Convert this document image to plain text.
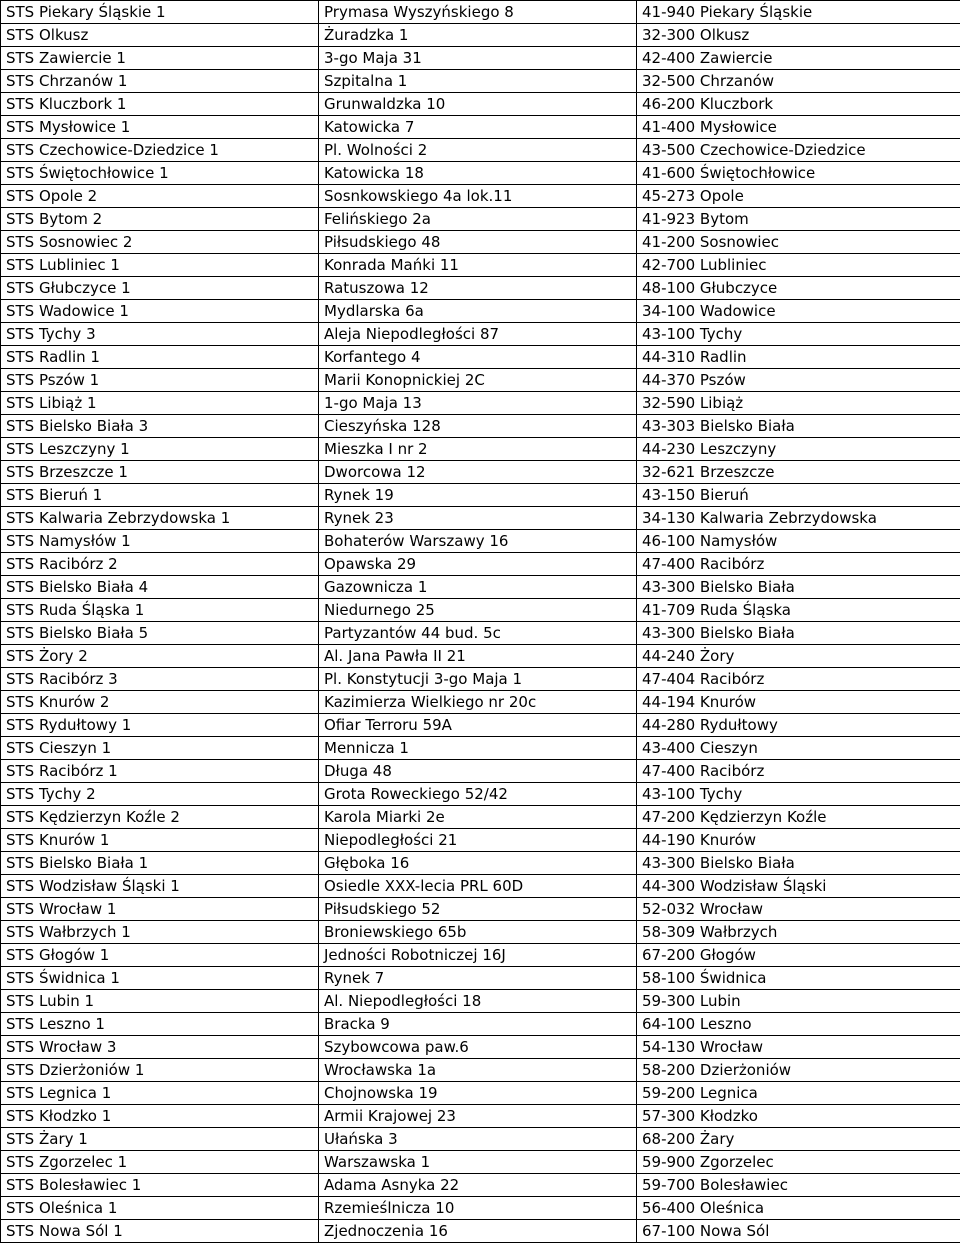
STS Piekary Śląskie 1	Prymasa Wyszyńskiego 8	41-940 Piekary Śląskie
STS Olkusz	Żuradzka 1	32-300 Olkusz
STS Zawiercie 1	3-go Maja 31	42-400 Zawiercie
STS Chrzanów 1	Szpitalna 1	32-500 Chrzanów
STS Kluczbork 1	Grunwaldzka 10	46-200 Kluczbork
STS Mysłowice 1	Katowicka 7	41-400 Mysłowice
STS Czechowice-Dziedzice 1	Pl. Wolności 2	43-500 Czechowice-Dziedzice
STS Świętochłowice 1	Katowicka 18	41-600 Świętochłowice
STS Opole 2	Sosnkowskiego 4a lok.11	45-273 Opole
STS Bytom 2	Felińskiego 2a	41-923 Bytom
STS Sosnowiec 2	Piłsudskiego 48	41-200 Sosnowiec
STS Lubliniec 1	Konrada Mańki 11	42-700 Lubliniec
STS Głubczyce 1	Ratuszowa 12	48-100 Głubczyce
STS Wadowice 1	Mydlarska 6a	34-100 Wadowice
STS Tychy 3	Aleja Niepodległości 87	43-100 Tychy
STS Radlin 1	Korfantego 4	44-310 Radlin
STS Pszów 1	Marii Konopnickiej 2C	44-370 Pszów
STS Libiąż 1	1-go Maja 13	32-590 Libiąż
STS Bielsko Biała 3	Cieszyńska 128	43-303 Bielsko Biała
STS Leszczyny 1	Mieszka I nr 2	44-230 Leszczyny
STS Brzeszcze 1	Dworcowa 12	32-621 Brzeszcze
STS Bieruń 1	Rynek 19	43-150 Bieruń
STS Kalwaria Zebrzydowska 1	Rynek 23	34-130 Kalwaria Zebrzydowska
STS Namysłów 1	Bohaterów Warszawy 16	46-100 Namysłów
STS Racibórz 2	Opawska 29	47-400 Racibórz
STS Bielsko Biała 4	Gazownicza 1	43-300 Bielsko Biała
STS Ruda Śląska 1	Niedurnego 25	41-709 Ruda Śląska
STS Bielsko Biała 5	Partyzantów 44 bud. 5c	43-300 Bielsko Biała
STS Żory 2	Al. Jana Pawła II 21	44-240 Żory
STS Racibórz 3	Pl. Konstytucji 3-go Maja 1	47-404 Racibórz
STS Knurów 2	Kazimierza Wielkiego nr 20c	44-194 Knurów
STS Rydułtowy 1	Ofiar Terroru 59A	44-280 Rydułtowy
STS Cieszyn 1	Mennicza 1	43-400 Cieszyn
STS Racibórz 1	Długa 48	47-400 Racibórz
STS Tychy 2	Grota Roweckiego 52/42	43-100 Tychy
STS Kędzierzyn Koźle 2	Karola Miarki 2e	47-200 Kędzierzyn Koźle
STS Knurów 1	Niepodległości 21	44-190 Knurów
STS Bielsko Biała 1	Głęboka 16	43-300 Bielsko Biała
STS Wodzisław Śląski 1	Osiedle XXX-lecia PRL 60D	44-300 Wodzisław Śląski
STS Wrocław 1	Piłsudskiego 52	52-032 Wrocław
STS Wałbrzych 1	Broniewskiego 65b	58-309 Wałbrzych
STS Głogów 1	Jedności Robotniczej 16J	67-200 Głogów
STS Świdnica 1	Rynek 7	58-100 Świdnica
STS Lubin 1	Al. Niepodległości 18	59-300 Lubin
STS Leszno 1	Bracka 9	64-100 Leszno
STS Wrocław 3	Szybowcowa paw.6	54-130 Wrocław
STS Dzierżoniów 1	Wrocławska 1a	58-200 Dzierżoniów
STS Legnica 1	Chojnowska 19	59-200 Legnica
STS Kłodzko 1	Armii Krajowej 23	57-300 Kłodzko
STS Żary 1	Ułańska 3	68-200 Żary
STS Zgorzelec 1	Warszawska 1	59-900 Zgorzelec
STS Bolesławiec 1	Adama Asnyka 22	59-700 Bolesławiec
STS Oleśnica 1	Rzemieślnicza 10	56-400 Oleśnica
STS Nowa Sól 1	Zjednoczenia 16	67-100 Nowa Sól
